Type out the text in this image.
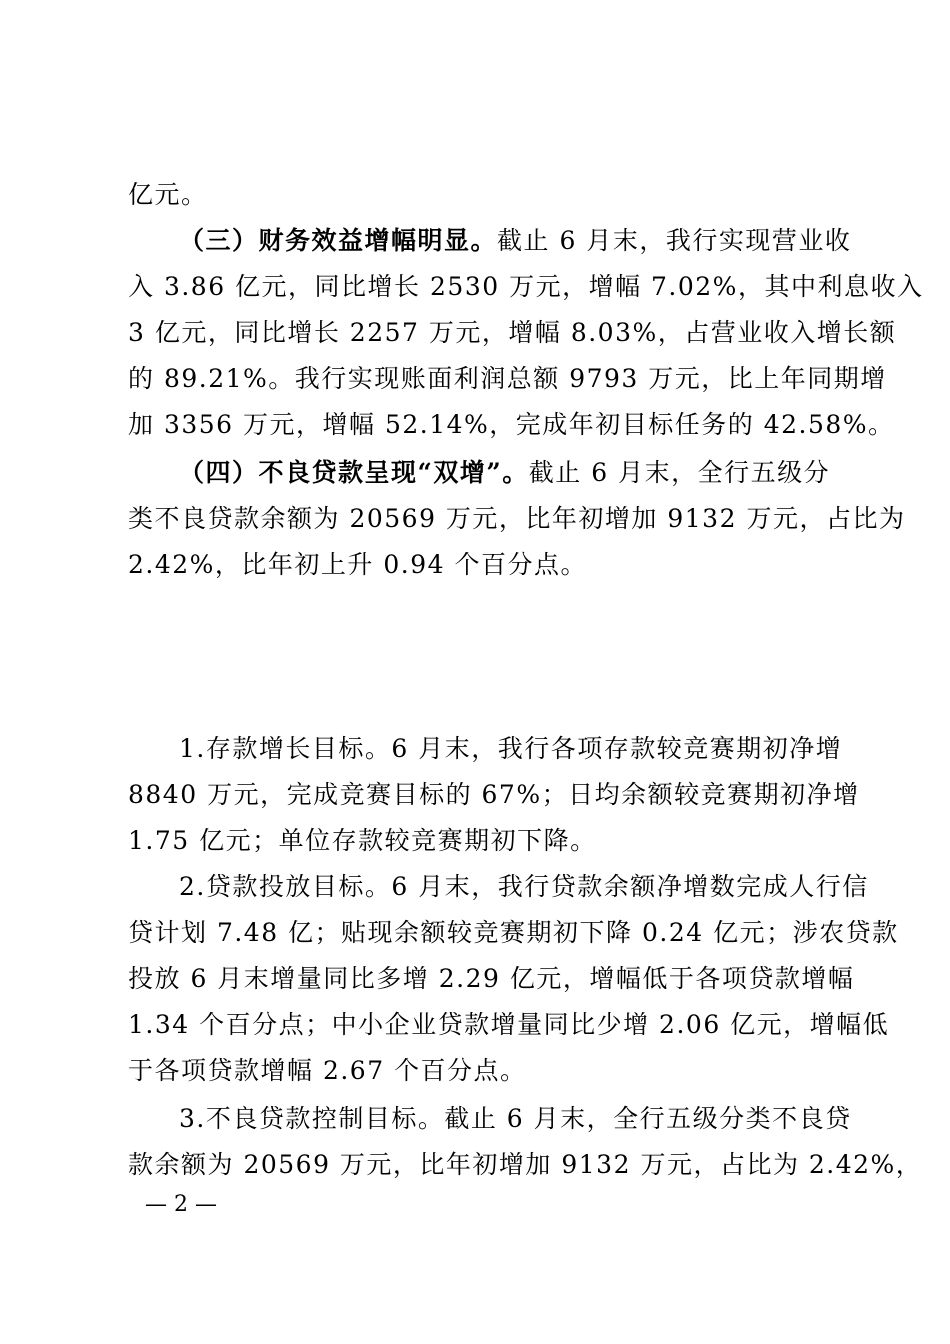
亿元。
（三）财务效益增幅明显。截止 6 月末，我行实现营业收
入 3.86 亿元，同比增长 2530 万元，增幅 7.02%，其中利息收入
3 亿元，同比增长 2257 万元，增幅 8.03%，占营业收入增长额
的 89.21%。我行实现账面利润总额 9793 万元，比上年同期增
加 3356 万元，增幅 52.14%，完成年初目标任务的 42.58%。
（四）不良贷款呈现“双增”。截止 6 月末，全行五级分
类不良贷款余额为 20569 万元，比年初增加 9132 万元，占比为
2.42%，比年初上升 0.94 个百分点。
1.存款增长目标。6 月末，我行各项存款较竞赛期初净增
8840 万元，完成竞赛目标的 67%；日均余额较竞赛期初净增
1.75 亿元；单位存款较竞赛期初下降。
2.贷款投放目标。6 月末，我行贷款余额净增数完成人行信
贷计划 7.48 亿；贴现余额较竞赛期初下降 0.24 亿元；涉农贷款
投放 6 月末增量同比多增 2.29 亿元，增幅低于各项贷款增幅
1.34 个百分点；中小企业贷款增量同比少增 2.06 亿元，增幅低
于各项贷款增幅 2.67 个百分点。
3.不良贷款控制目标。截止 6 月末，全行五级分类不良贷
款余额为 20569 万元，比年初增加 9132 万元，占比为 2.42%，
— 2 —
